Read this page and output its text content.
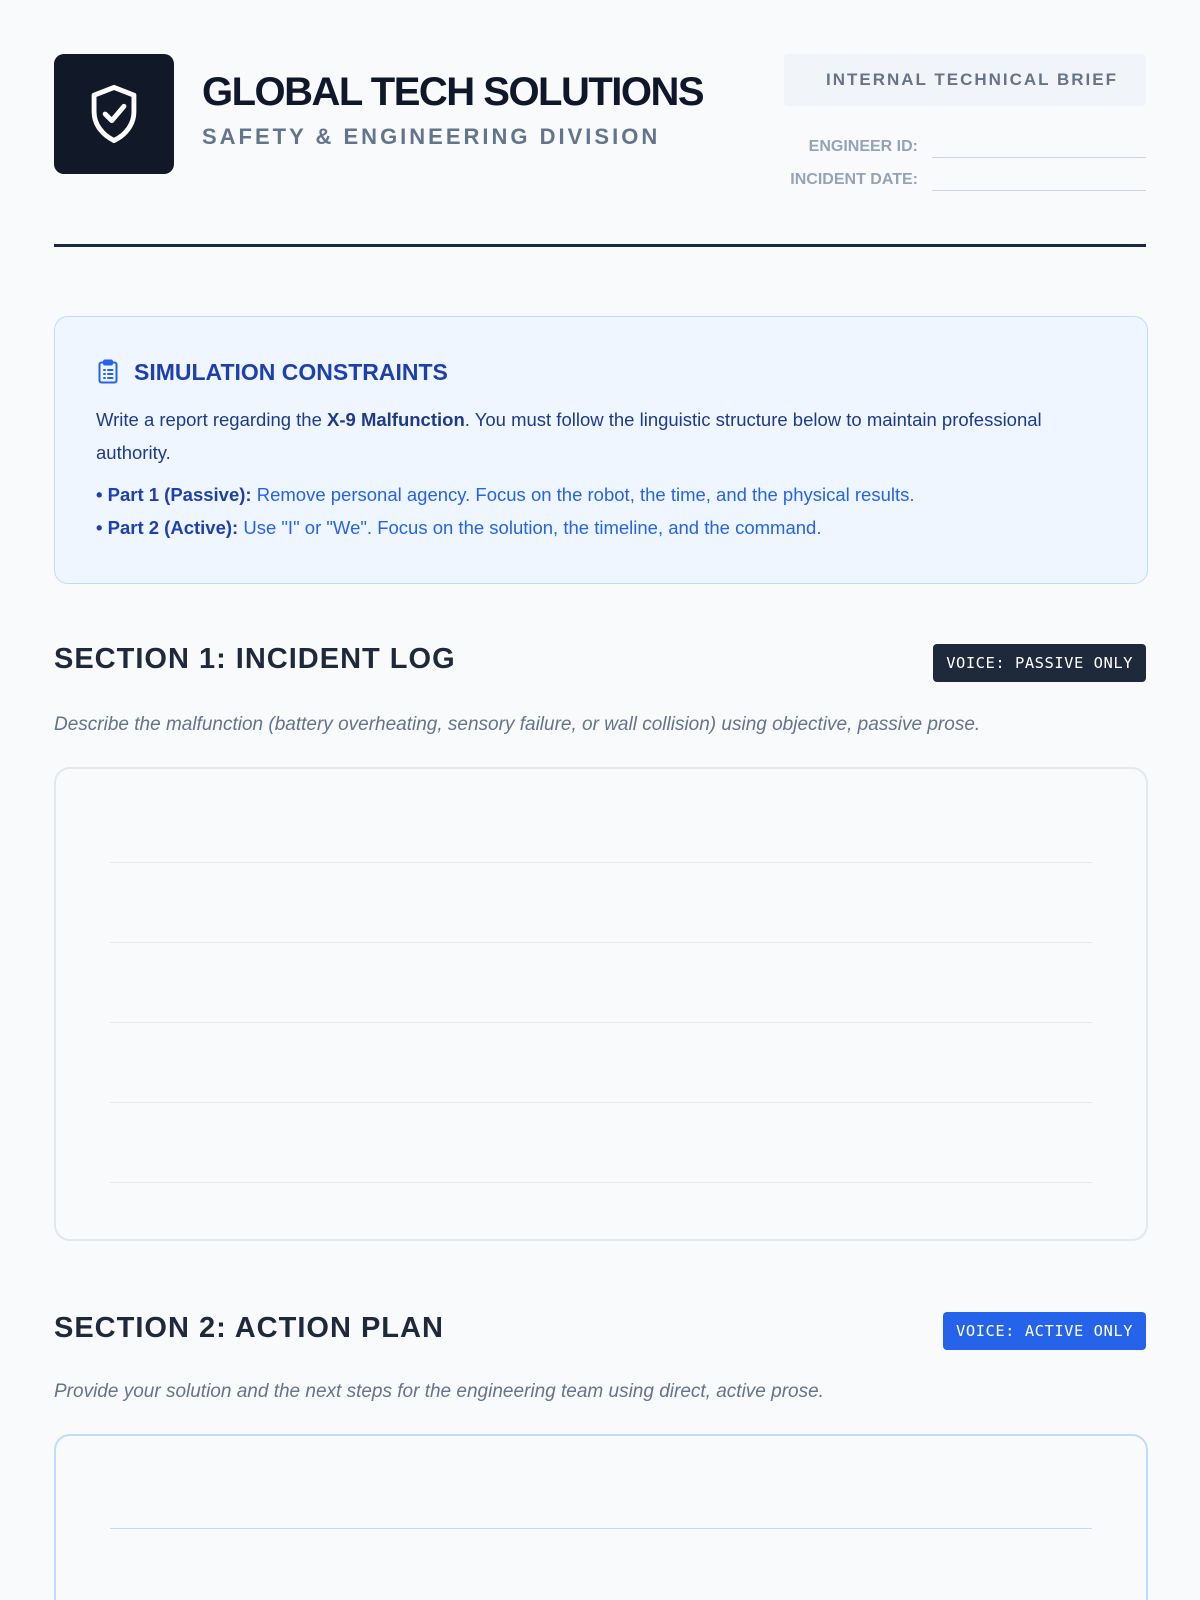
GLOBAL TECH SOLUTIONS
SAFETY & ENGINEERING DIVISION
INTERNAL TECHNICAL BRIEF
ENGINEER ID:
INCIDENT DATE:
SIMULATION CONSTRAINTS

Write a report regarding the X-9 Malfunction. You must follow the linguistic structure below to maintain professional authority.

• Part 1 (Passive): Remove personal agency. Focus on the robot, the time, and the physical results.
• Part 2 (Active): Use "I" or "We". Focus on the solution, the timeline, and the command.
SECTION 1: INCIDENT LOG	VOICE: PASSIVE ONLY
Describe the malfunction (battery overheating, sensory failure, or wall collision) using objective, passive prose.
SECTION 2: ACTION PLAN	VOICE: ACTIVE ONLY
Provide your solution and the next steps for the engineering team using direct, active prose.
